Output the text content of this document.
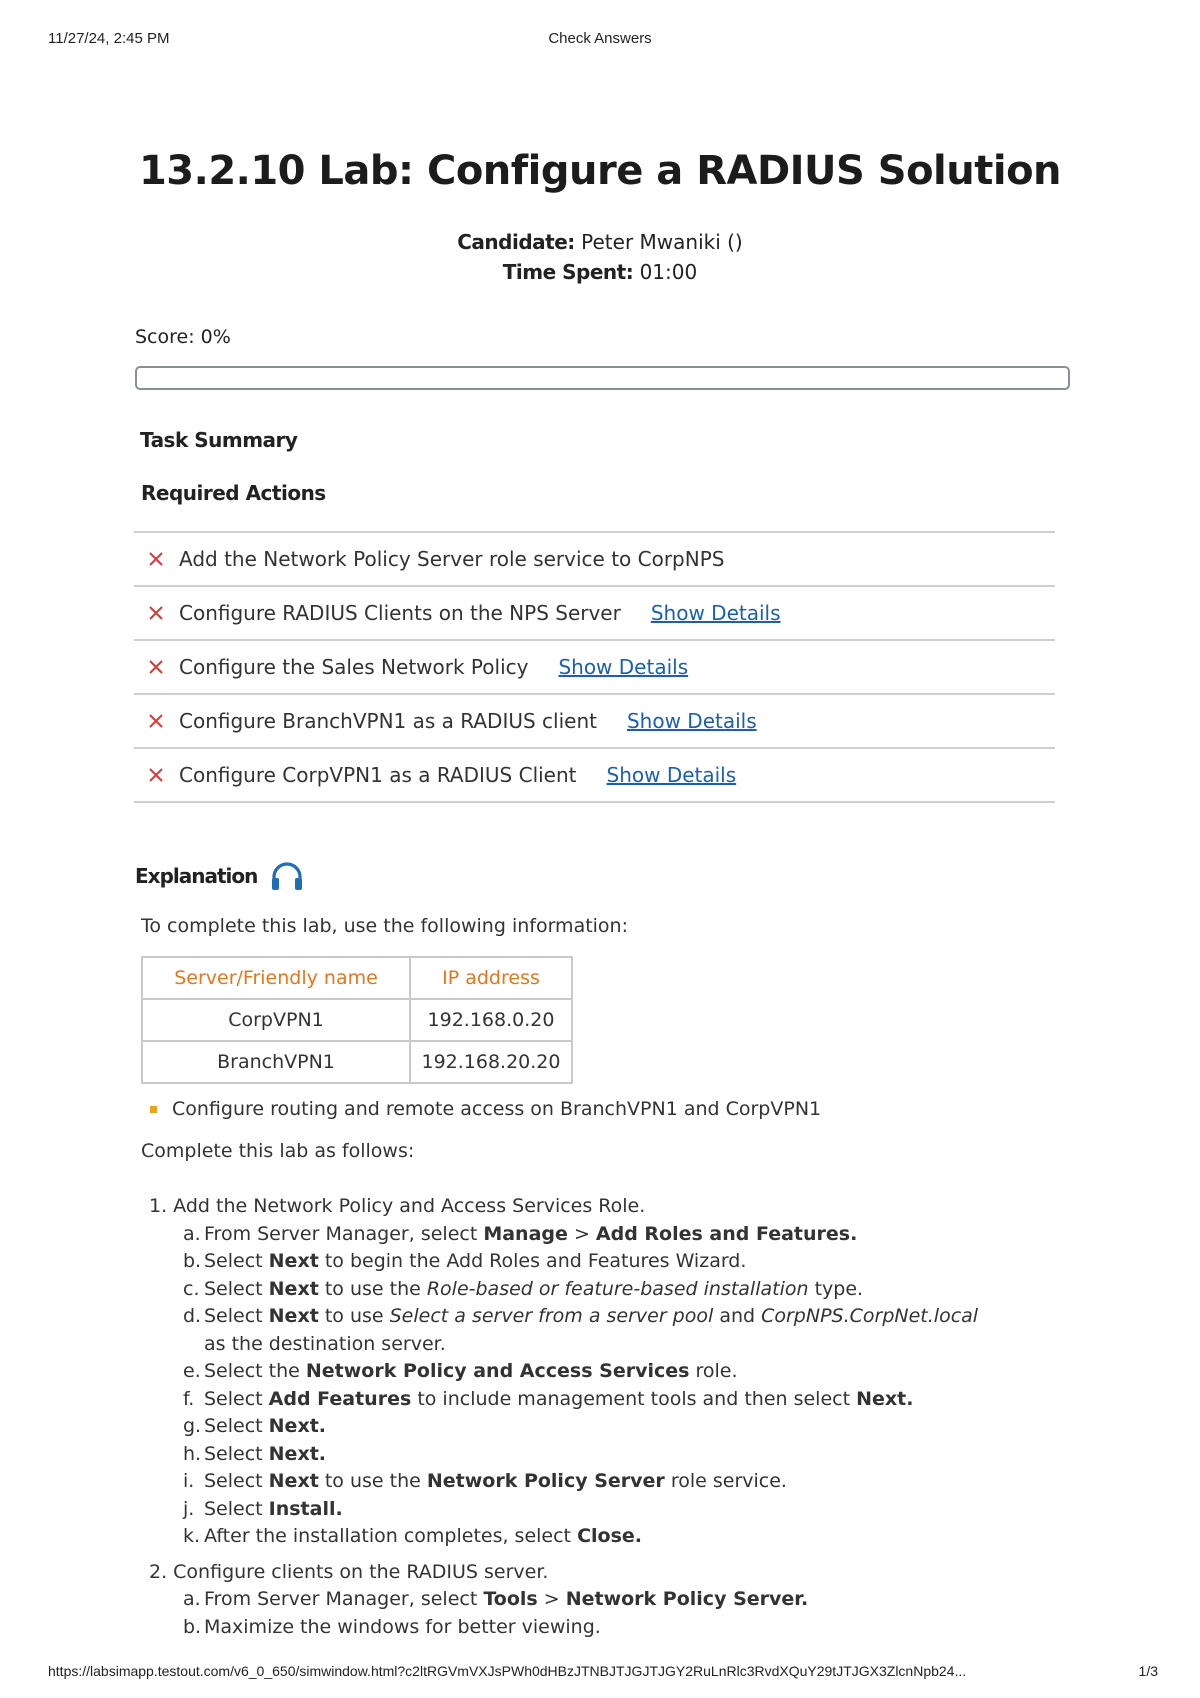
11/27/24, 2:45 PM	Check Answers
13.2.10 Lab: Configure a RADIUS Solution
Candidate: Peter Mwaniki ()
Time Spent: 01:00
Score: 0%
Task Summary
Required Actions
Add the Network Policy Server role service to CorpNPS
Configure RADIUS Clients on the NPS Server Show Details
Configure the Sales Network Policy Show Details
Configure BranchVPN1 as a RADIUS client Show Details
Configure CorpVPN1 as a RADIUS Client Show Details
Explanation
To complete this lab, use the following information:
Server/Friendly name	IP address
CorpVPN1	192.168.0.20
BranchVPN1	192.168.20.20
Configure routing and remote access on BranchVPN1 and CorpVPN1
Complete this lab as follows:

1. Add the Network Policy and Access Services Role.

a. From Server Manager, select Manage > Add Roles and Features.
b. Select Next to begin the Add Roles and Features Wizard.
c. Select Next to use the Role-based or feature-based installation type.
d. Select Next to use Select a server from a server pool and CorpNPS.CorpNet.local as the destination server.
e. Select the Network Policy and Access Services role.
f. Select Add Features to include management tools and then select Next.
g. Select Next.
h. Select Next.
i. Select Next to use the Network Policy Server role service.
j. Select Install.
k. After the installation completes, select Close.

2. Configure clients on the RADIUS server.

a. From Server Manager, select Tools > Network Policy Server.
b. Maximize the windows for better viewing.
https://labsimapp.testout.com/v6_0_650/simwindow.html?c2ltRGVmVXJsPWh0dHBzJTNBJTJGJTJGY2RuLnRlc3RvdXQuY29tJTJGX3ZlcnNpb24...	1/3
